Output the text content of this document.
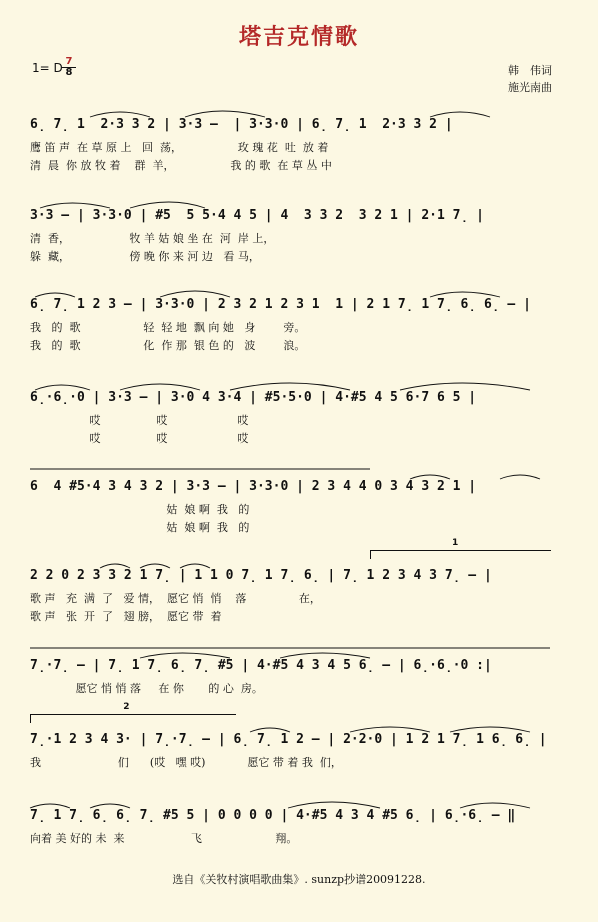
塔吉克情歌
1= D $\frac{7}{8}$	韩　伟词
施光南曲
6̣ 7̣ 1  2·3 3 2 | 3·3 –  | 3·3·0 | 6̣ 7̣ 1  2·3 3 2 |
鹰 笛 声  在 草 原 上   回  荡，                玫 瑰 花  吐  放 着
清  晨  你 放 牧 着    群  羊，                我 的 歌  在 草 丛 中
3·3 – | 3·3·0 | #5  5 5·4 4 5 | 4  3 3 2  3 2 1 | 2·1 7̣ |
清  香，                 牧 羊 姑 娘 坐 在  河  岸 上，
躲  藏，                 傍 晚 你 来 河 边   看 马，
6̣ 7̣ 1 2 3 – | 3·3·0 | 2 3 2 1 2 3 1  1 | 2 1 7̣ 1 7̣ 6̣ 6̣ – |
我   的  歌                  轻  轻 地  飘 向 她   身        旁。
我   的  歌                  化  作 那  银 色 的   波        浪。
6̣·6̣·0 | 3·3 – | 3·0 4 3·4 | #5·5·0 | 4·#5 4 5 6·7 6 5 |
哎                哎                    哎
哎                哎                    哎
6  4 #5·4 3 4 3 2 | 3·3 – | 3·3·0 | 2 3 4 4 0 3 4 3 2 1 |
姑  娘 啊  我   的
姑  娘 啊  我   的
1
2 2 0 2 3 3 2 1 7̣ | 1 1 0 7̣ 1 7̣ 6̣ | 7̣ 1 2 3 4 3 7̣ – |
歌 声   充  满  了   爱 情，  愿它 悄  悄    落               在，
歌 声   张  开  了   翅 膀，  愿它 带  着
7̣·7̣ – | 7̣ 1 7̣ 6̣ 7̣ #5 | 4·#5 4 3 4 5 6̣ – | 6̣·6̣·0 :|
愿它 悄 悄 落     在 你       的 心  房。
2
7̣·1 2 3 4 3· | 7̣·7̣ – | 6̣ 7̣ 1 2 – | 2·2·0 | 1 2 1 7̣ 1 6̣ 6̣ |
我                      们      (哎   嘿 哎)            愿它 带 着 我  们，
7̣ 1 7̣ 6̣ 6̣ 7̣ #5 5 | 0 0 0 0 | 4·#5 4 3 4 #5 6̣ | 6̣·6̣ – ‖
向着 美 好的 未  来                   飞                     翔。
选自《关牧村演唱歌曲集》. sunzp抄谱20091228.
